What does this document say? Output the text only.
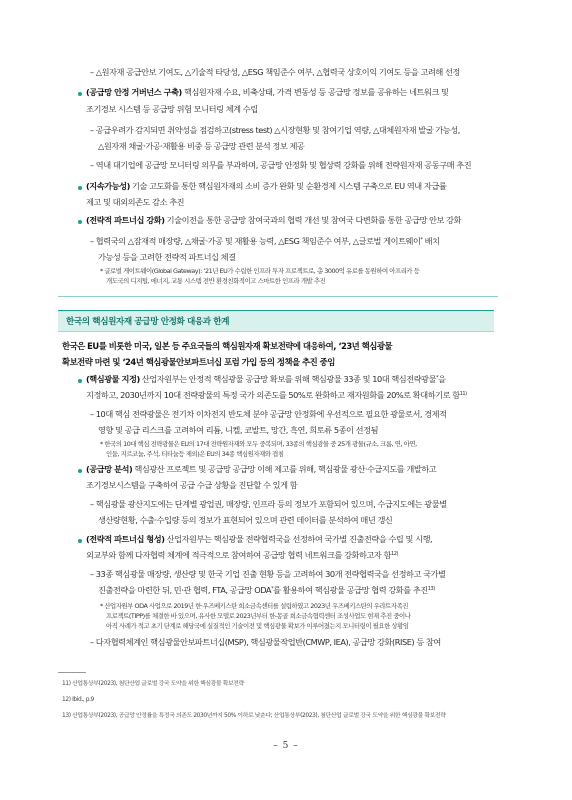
– △원자재 공급안보 기여도, △기술적 타당성, △ESG 책임준수 여부, △협력국 상호이익 기여도 등을 고려해 선정
(공급망 안정 거버넌스 구축) 핵심원자재 수요, 비축상태, 가격 변동성 등 공급망 정보를 공유하는 네트워크 및
조기경보 시스템 등 공급망 위험 모니터링 체계 수립
– 공급우려가 감지되면 취약성을 점검하고(stress test) △시장현황 및 참여기업 역량, △대체원자재 발굴 가능성,
△원자재 채굴·가공·재활용 비중 등 공급망 관련 분석 정보 제공
– 역내 대기업에 공급망 모니터링 의무를 부과하며, 공급망 안정화 및 협상력 강화를 위해 전략원자재 공동구매 추진
(지속가능성) 기술 고도화를 통한 핵심원자재의 소비 증가 완화 및 순환경제 시스템 구축으로 EU 역내 자급률
제고 및 대외의존도 감소 추진
(전략적 파트너십 강화) 기술이전을 통한 공급망 참여국과의 협력 개선 및 참여국 다변화를 통한 공급망 안보 강화
– 협력국의 △잠재적 매장량, △채굴·가공 및 재활용 능력, △ESG 책임준수 여부, △글로벌 게이트웨이* 배치
가능성 등을 고려한 전략적 파트너십 체결
* 글로벌 게이트웨이(Global Gateway): ‘21년 EU가 수립한 인프라 투자 프로젝트로, 총 3000억 유로를 동원하여 아프리카 등
개도국의 디지털, 에너지, 교통 시스템 전반 환경친화적이고 스마트한 인프라 개발 추진
한국의 핵심원자재 공급망 안정화 대응과 한계
한국은 EU를 비롯한 미국, 일본 등 주요국들의 핵심원자재 확보전략에 대응하여, ‘23년 핵심광물
확보전략 마련 및 ‘24년 핵심광물안보파트너십 포럼 가입 등의 정책을 추진 중임
(핵심광물 지정) 산업자원부는 안정적 핵심광물 공급망 확보를 위해 핵심광물 33종 및 10대 핵심전략광물*을
지정하고, 2030년까지 10대 전략광물의 특정 국가 의존도를 50%로 완화하고 재자원화를 20%로 확대하기로 함$^{11)}$
– 10대 핵심 전략광물은 전기차 이차전지 반도체 분야 공급망 안정화에 우선적으로 필요한 광물로서, 경제적
영향 및 공급 리스크를 고려하여 리튬, 니켈, 코발트, 망간, 흑연, 희토류 5종이 선정됨
* 한국의 10대 핵심 전략광물은 EU의 17대 전략원자재와 모두 중복되며, 33종의 핵심광물 중 25개 광물(규소, 크롬, 연, 아연,
인듐, 지르코늄, 주석, 티타늄등 제외)은 EU의 34종 핵심원자재와 겹침
(공급망 분석) 핵심광산 프로젝트 및 공급망 공급망 이해 제고를 위해, 핵심광물 광산·수급지도를 개발하고
조기경보시스템을 구축하여 공급 수급 상황을 진단할 수 있게 함
– 핵심광물 광산지도에는 단계별 광업권, 매장량, 인프라 등의 정보가 포함되어 있으며, 수급지도에는 광물별
생산량현황, 수출·수입량 등의 정보가 표현되어 있으며 관련 데이터를 분석하여 매년 갱신
(전략적 파트너십 형성) 산업자원부는 핵심광물 전략협력국을 선정하여 국가별 진출전략을 수립 및 시행,
외교부와 함께 다자협력 체계에 적극적으로 참여하여 공급망 협력 네트워크를 강화하고자 함$^{12)}$
– 33종 핵심광물 매장량, 생산량 및 한국 기업 진출 현황 등을 고려하여 30개 전략협력국을 선정하고 국가별
진출전략을 마련한 뒤, 민·관 협력, FTA, 공급망 ODA*를 활용하여 핵심광물 공급망 협력 강화를 추진$^{13)}$
* 산업자원부 ODA 사업으로 2019년 한·우즈베키스탄 희소금속센터를 설립하였고 2023년 우즈베키스탄의 우랴트자족진
프로젝트(TIPP)를 체결한 바 있으며, 유사한 모델로 2023년부터 한-몽골 희소금속협력센터 조성사업도 현재 추진 중이나
아직 사례가 적고 초기 단계로 해당국에 실질적인 기술이전 및 핵심광물 확보가 이루어졌는지 모니터링이 필요한 상황임
– 다자협력체계인 핵심광물안보파트너십(MSP), 핵심광물작업반(CMWP, IEA), 공급망 강화(RISE) 등 참여
11) 산업통상부(2023), 첨단산업 글로벌 강국 도약을 위한 핵심광물 확보전략
12) Ibid., p.9
13) 산업통상부(2023), 공급망 안정률을 특정국 의존도 2030년까지 50% 이하로 낮춘다; 산업통상부(2023), 첨단산업 글로벌 강국 도약을 위한 핵심광물 확보전략
– 5 –
